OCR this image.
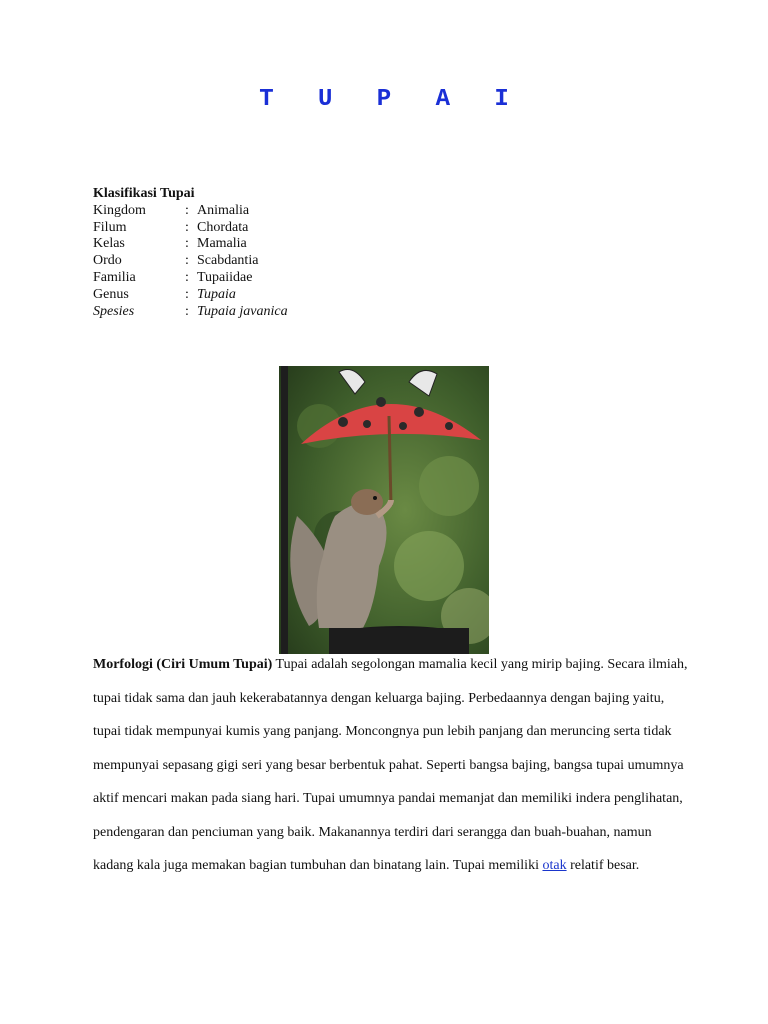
T U P A I
Klasifikasi Tupai
Kingdom	: Animalia
Filum	: Chordata
Kelas	: Mamalia
Ordo	: Scabdantia
Familia	: Tupaiidae
Genus	: Tupaia
Spesies	: Tupaia javanica
Morfologi (Ciri Umum Tupai) Tupai adalah segolongan mamalia kecil yang mirip bajing. Secara ilmiah, tupai tidak sama dan jauh kekerabatannya dengan keluarga bajing. Perbedaannya dengan bajing yaitu, tupai tidak mempunyai kumis yang panjang. Moncongnya pun lebih panjang dan meruncing serta tidak mempunyai sepasang gigi seri yang besar berbentuk pahat. Seperti bangsa bajing, bangsa tupai umumnya aktif mencari makan pada siang hari. Tupai umumnya pandai memanjat dan memiliki indera penglihatan, pendengaran dan penciuman yang baik. Makanannya terdiri dari serangga dan buah-buahan, namun kadang kala juga memakan bagian tumbuhan dan binatang lain. Tupai memiliki otak relatif besar.
